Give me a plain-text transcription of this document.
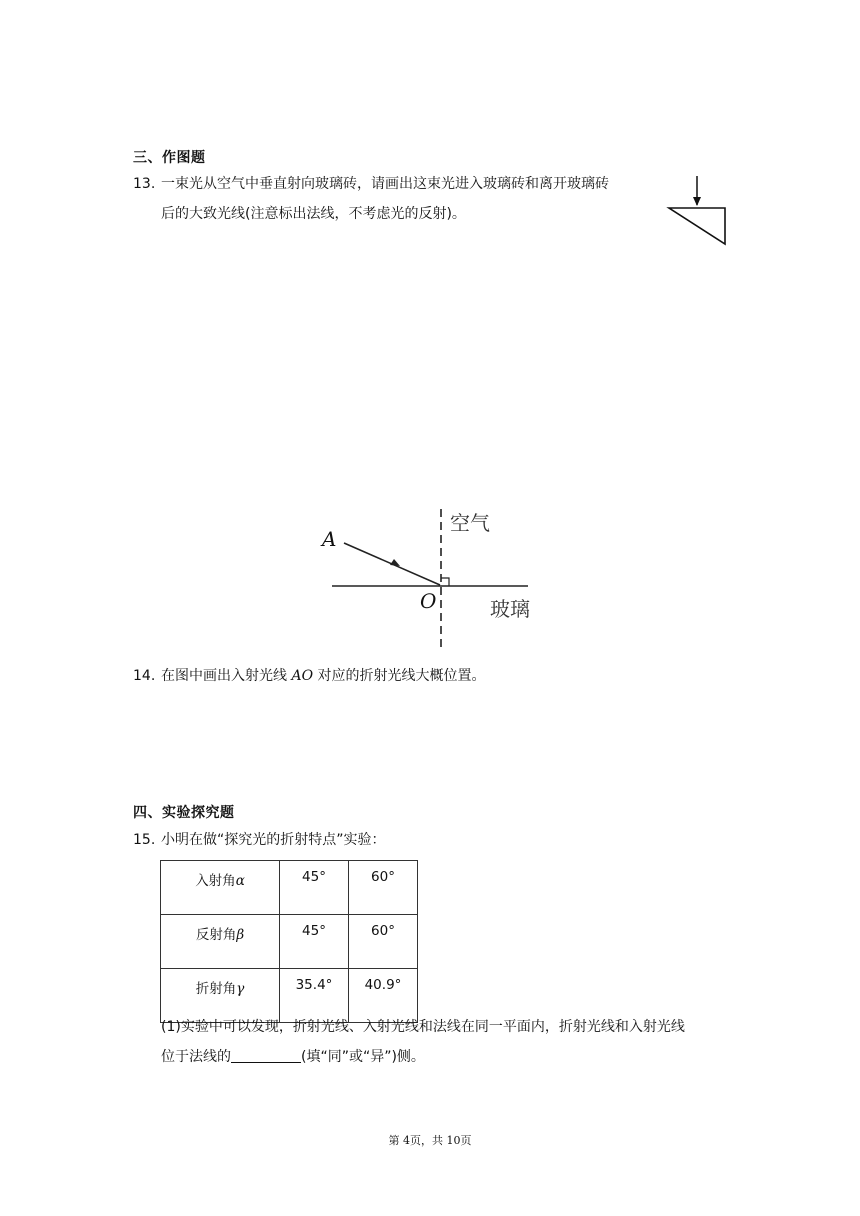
三、作图题
13. 一束光从空气中垂直射向玻璃砖，请画出这束光进入玻璃砖和离开玻璃砖
后的大致光线(注意标出法线，不考虑光的反射)。
A
O
空气
玻璃
14. 在图中画出入射光线 AO 对应的折射光线大概位置。
四、实验探究题
15. 小明在做“探究光的折射特点”实验：
入射角α	45°	60°
反射角β	45°	60°
折射角γ	35.4°	40.9°
(1)实验中可以发现，折射光线、入射光线和法线在同一平面内，折射光线和入射光线
位于法线的	(填“同”或“异”)侧。
第 4页，共 10页
